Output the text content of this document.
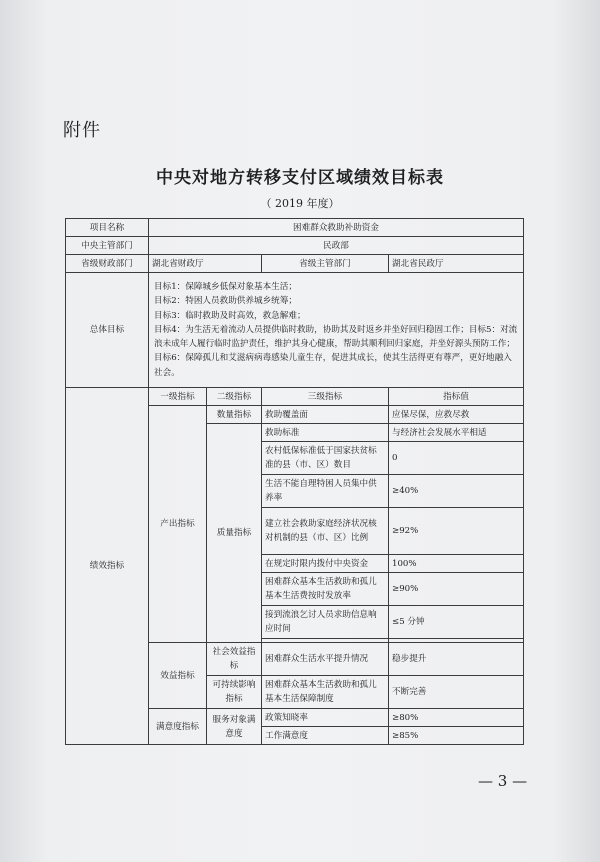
附件
中央对地方转移支付区域绩效目标表
（ 2019 年度）
项目名称	困难群众救助补助资金			
中央主管部门	民政部			
省级财政部门	湖北省财政厅		省级主管部门	湖北省民政厅
总体目标	目标1：保障城乡低保对象基本生活；
目标2：特困人员救助供养城乡统筹；
目标3：临时救助及时高效，救急解难；
目标4：为生活无着流动人员提供临时救助，协助其及时返乡并坐好回归稳固工作；目标5：对流浪未成年人履行临时监护责任，维护其身心健康，帮助其顺利回归家庭，并坐好源头预防工作；
目标6：保障孤儿和艾滋病病毒感染儿童生存，促进其成长，使其生活得更有尊严，更好地融入社会。			

绩效指标	一级指标	二级指标	三级指标	指标值
	产出指标	数量指标	救助覆盖面	应保尽保，应救尽救
		质量指标	救助标准	与经济社会发展水平相适
			农村低保标准低于国家扶贫标准的县（市、区）数目	0
			生活不能自理特困人员集中供养率	≥40%
			建立社会救助家庭经济状况核对机制的县（市、区）比例	≥92%
			在规定时限内拨付中央资金	100%
			困难群众基本生活救助和孤儿基本生活费按时发放率	≥90%
			接到流浪乞讨人员求助信息响应时间	≤5 分钟

	效益指标	社会效益指标	困难群众生活水平提升情况	稳步提升
		可持续影响指标	困难群众基本生活救助和孤儿基本生活保障制度	不断完善
	满意度指标	服务对象满意度	政策知晓率	≥80%
			工作满意度	≥85%
— 3 —
